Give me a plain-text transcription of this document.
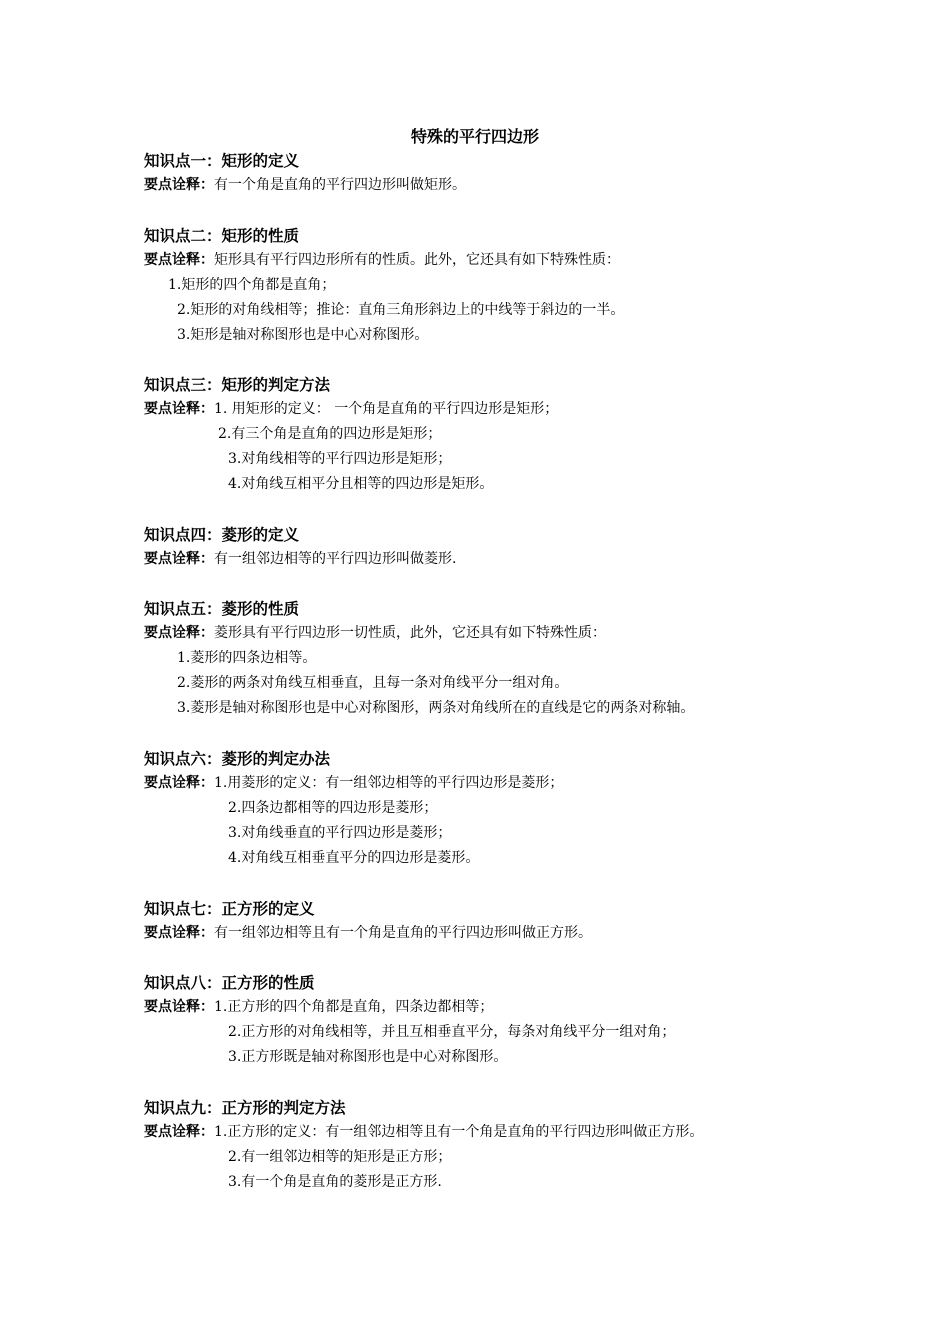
特殊的平行四边形
知识点一：矩形的定义
要点诠释：有一个角是直角的平行四边形叫做矩形。
知识点二：矩形的性质
要点诠释：矩形具有平行四边形所有的性质。此外，它还具有如下特殊性质：
1.矩形的四个角都是直角；
2.矩形的对角线相等；推论：直角三角形斜边上的中线等于斜边的一半。
3.矩形是轴对称图形也是中心对称图形。
知识点三：矩形的判定方法
要点诠释：1. 用矩形的定义： 一个角是直角的平行四边形是矩形；
2.有三个角是直角的四边形是矩形；
3.对角线相等的平行四边形是矩形；
4.对角线互相平分且相等的四边形是矩形。
知识点四：菱形的定义
要点诠释：有一组邻边相等的平行四边形叫做菱形.
知识点五：菱形的性质
要点诠释：菱形具有平行四边形一切性质，此外，它还具有如下特殊性质：
1.菱形的四条边相等。
2.菱形的两条对角线互相垂直，且每一条对角线平分一组对角。
3.菱形是轴对称图形也是中心对称图形，两条对角线所在的直线是它的两条对称轴。
知识点六：菱形的判定办法
要点诠释：1.用菱形的定义：有一组邻边相等的平行四边形是菱形；
2.四条边都相等的四边形是菱形；
3.对角线垂直的平行四边形是菱形；
4.对角线互相垂直平分的四边形是菱形。
知识点七：正方形的定义
要点诠释：有一组邻边相等且有一个角是直角的平行四边形叫做正方形。
知识点八：正方形的性质
要点诠释：1.正方形的四个角都是直角，四条边都相等；
2.正方形的对角线相等，并且互相垂直平分，每条对角线平分一组对角；
3.正方形既是轴对称图形也是中心对称图形。
知识点九：正方形的判定方法
要点诠释：1.正方形的定义：有一组邻边相等且有一个角是直角的平行四边形叫做正方形。
2.有一组邻边相等的矩形是正方形；
3.有一个角是直角的菱形是正方形.
